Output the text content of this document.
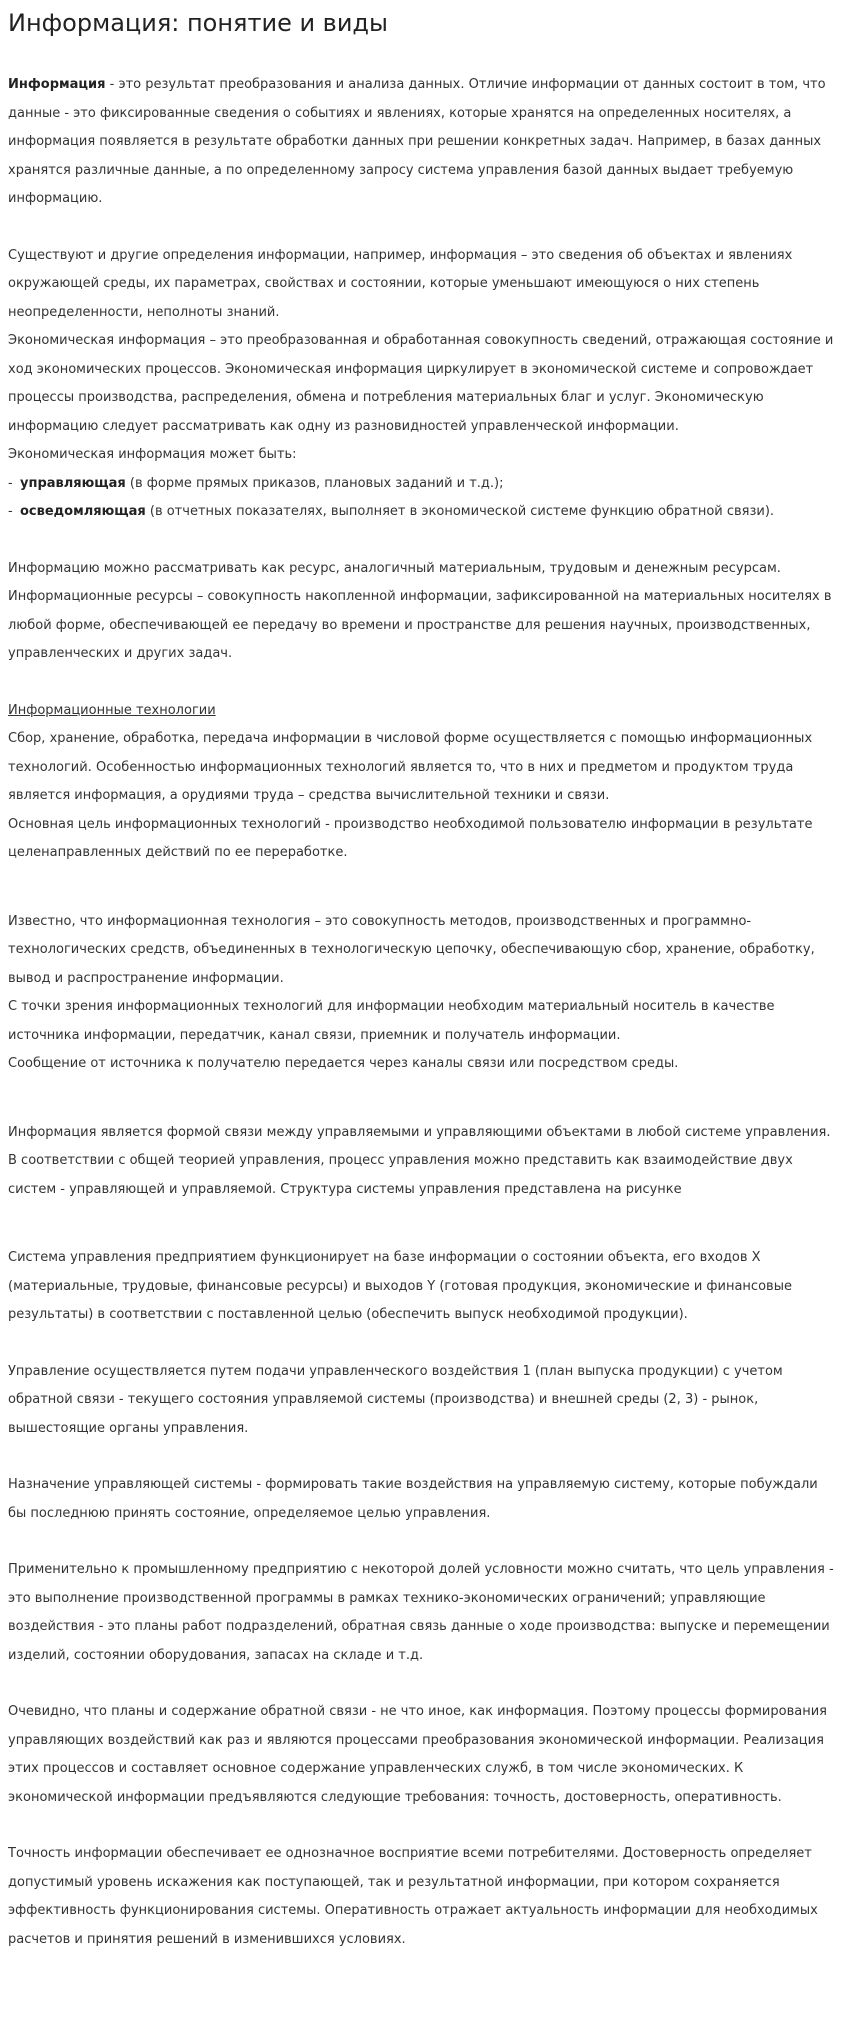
Информация: понятие и виды

Информация - это результат преобразования и анализа данных. Отличие информации от данных состоит в том, что данные - это фиксированные сведения о событиях и явлениях, которые хранятся на определенных носителях, а информация появляется в результате обработки данных при решении конкретных задач. Например, в базах данных хранятся различные данные, а по определенному запросу система управления базой данных выдает требуемую информацию.

Существуют и другие определения информации, например, информация – это сведения об объектах и явлениях окружающей среды, их параметрах, свойствах и состоянии, которые уменьшают имеющуюся о них степень неопределенности, неполноты знаний.

Экономическая информация – это преобразованная и обработанная совокупность сведений, отражающая состояние и ход экономических процессов. Экономическая информация циркулирует в экономической системе и сопровождает процессы производства, распределения, обмена и потребления материальных благ и услуг. Экономическую информацию следует рассматривать как одну из разновидностей управленческой информации.

Экономическая информация может быть:

- управляющая (в форме прямых приказов, плановых заданий и т.д.);

- осведомляющая (в отчетных показателях, выполняет в экономической системе функцию обратной связи).

Информацию можно рассматривать как ресурс, аналогичный материальным, трудовым и денежным ресурсам. Информационные ресурсы – совокупность накопленной информации, зафиксированной на материальных носителях в любой форме, обеспечивающей ее передачу во времени и пространстве для решения научных, производственных, управленческих и других задач.

Информационные технологии

Сбор, хранение, обработка, передача информации в числовой форме осуществляется с помощью информационных технологий. Особенностью информационных технологий является то, что в них и предметом и продуктом труда является информация, а орудиями труда – средства вычислительной техники и связи.

Основная цель информационных технологий - производство необходимой пользователю информации в результате целенаправленных действий по ее переработке.

Известно, что информационная технология – это совокупность методов, производственных и программно-технологических средств, объединенных в технологическую цепочку, обеспечивающую сбор, хранение, обработку, вывод и распространение информации.

С точки зрения информационных технологий для информации необходим материальный носитель в качестве источника информации, передатчик, канал связи, приемник и получатель информации.

Сообщение от источника к получателю передается через каналы связи или посредством среды.

Информация является формой связи между управляемыми и управляющими объектами в любой системе управления. В соответствии с общей теорией управления, процесс управления можно представить как взаимодействие двух систем - управляющей и управляемой. Структура системы управления представлена на рисунке

Система управления предприятием функционирует на базе информации о состоянии объекта, его входов X (материальные, трудовые, финансовые ресурсы) и выходов Y (готовая продукция, экономические и финансовые результаты) в соответствии с поставленной целью (обеспечить выпуск необходимой продукции).

Управление осуществляется путем подачи управленческого воздействия 1 (план выпуска продукции) с учетом обратной связи - текущего состояния управляемой системы (производства) и внешней среды (2, 3) - рынок, вышестоящие органы управления.

Назначение управляющей системы - формировать такие воздействия на управляемую систему, которые побуждали бы последнюю принять состояние, определяемое целью управления.

Применительно к промышленному предприятию с некоторой долей условности можно считать, что цель управления - это выполнение производственной программы в рамках технико-экономических ограничений; управляющие воздействия - это планы работ подразделений, обратная связь данные о ходе производства: выпуске и перемещении изделий, состоянии оборудования, запасах на складе и т.д.

Очевидно, что планы и содержание обратной связи - не что иное, как информация. Поэтому процессы формирования управляющих воздействий как раз и являются процессами преобразования экономической информации. Реализация этих процессов и составляет основное содержание управленческих служб, в том числе экономических. К экономической информации предъявляются следующие требования: точность, достоверность, оперативность.

Точность информации обеспечивает ее однозначное восприятие всеми потребителями. Достоверность определяет допустимый уровень искажения как поступающей, так и результатной информации, при котором сохраняется эффективность функционирования системы. Оперативность отражает актуальность информации для необходимых расчетов и принятия решений в изменившихся условиях.
